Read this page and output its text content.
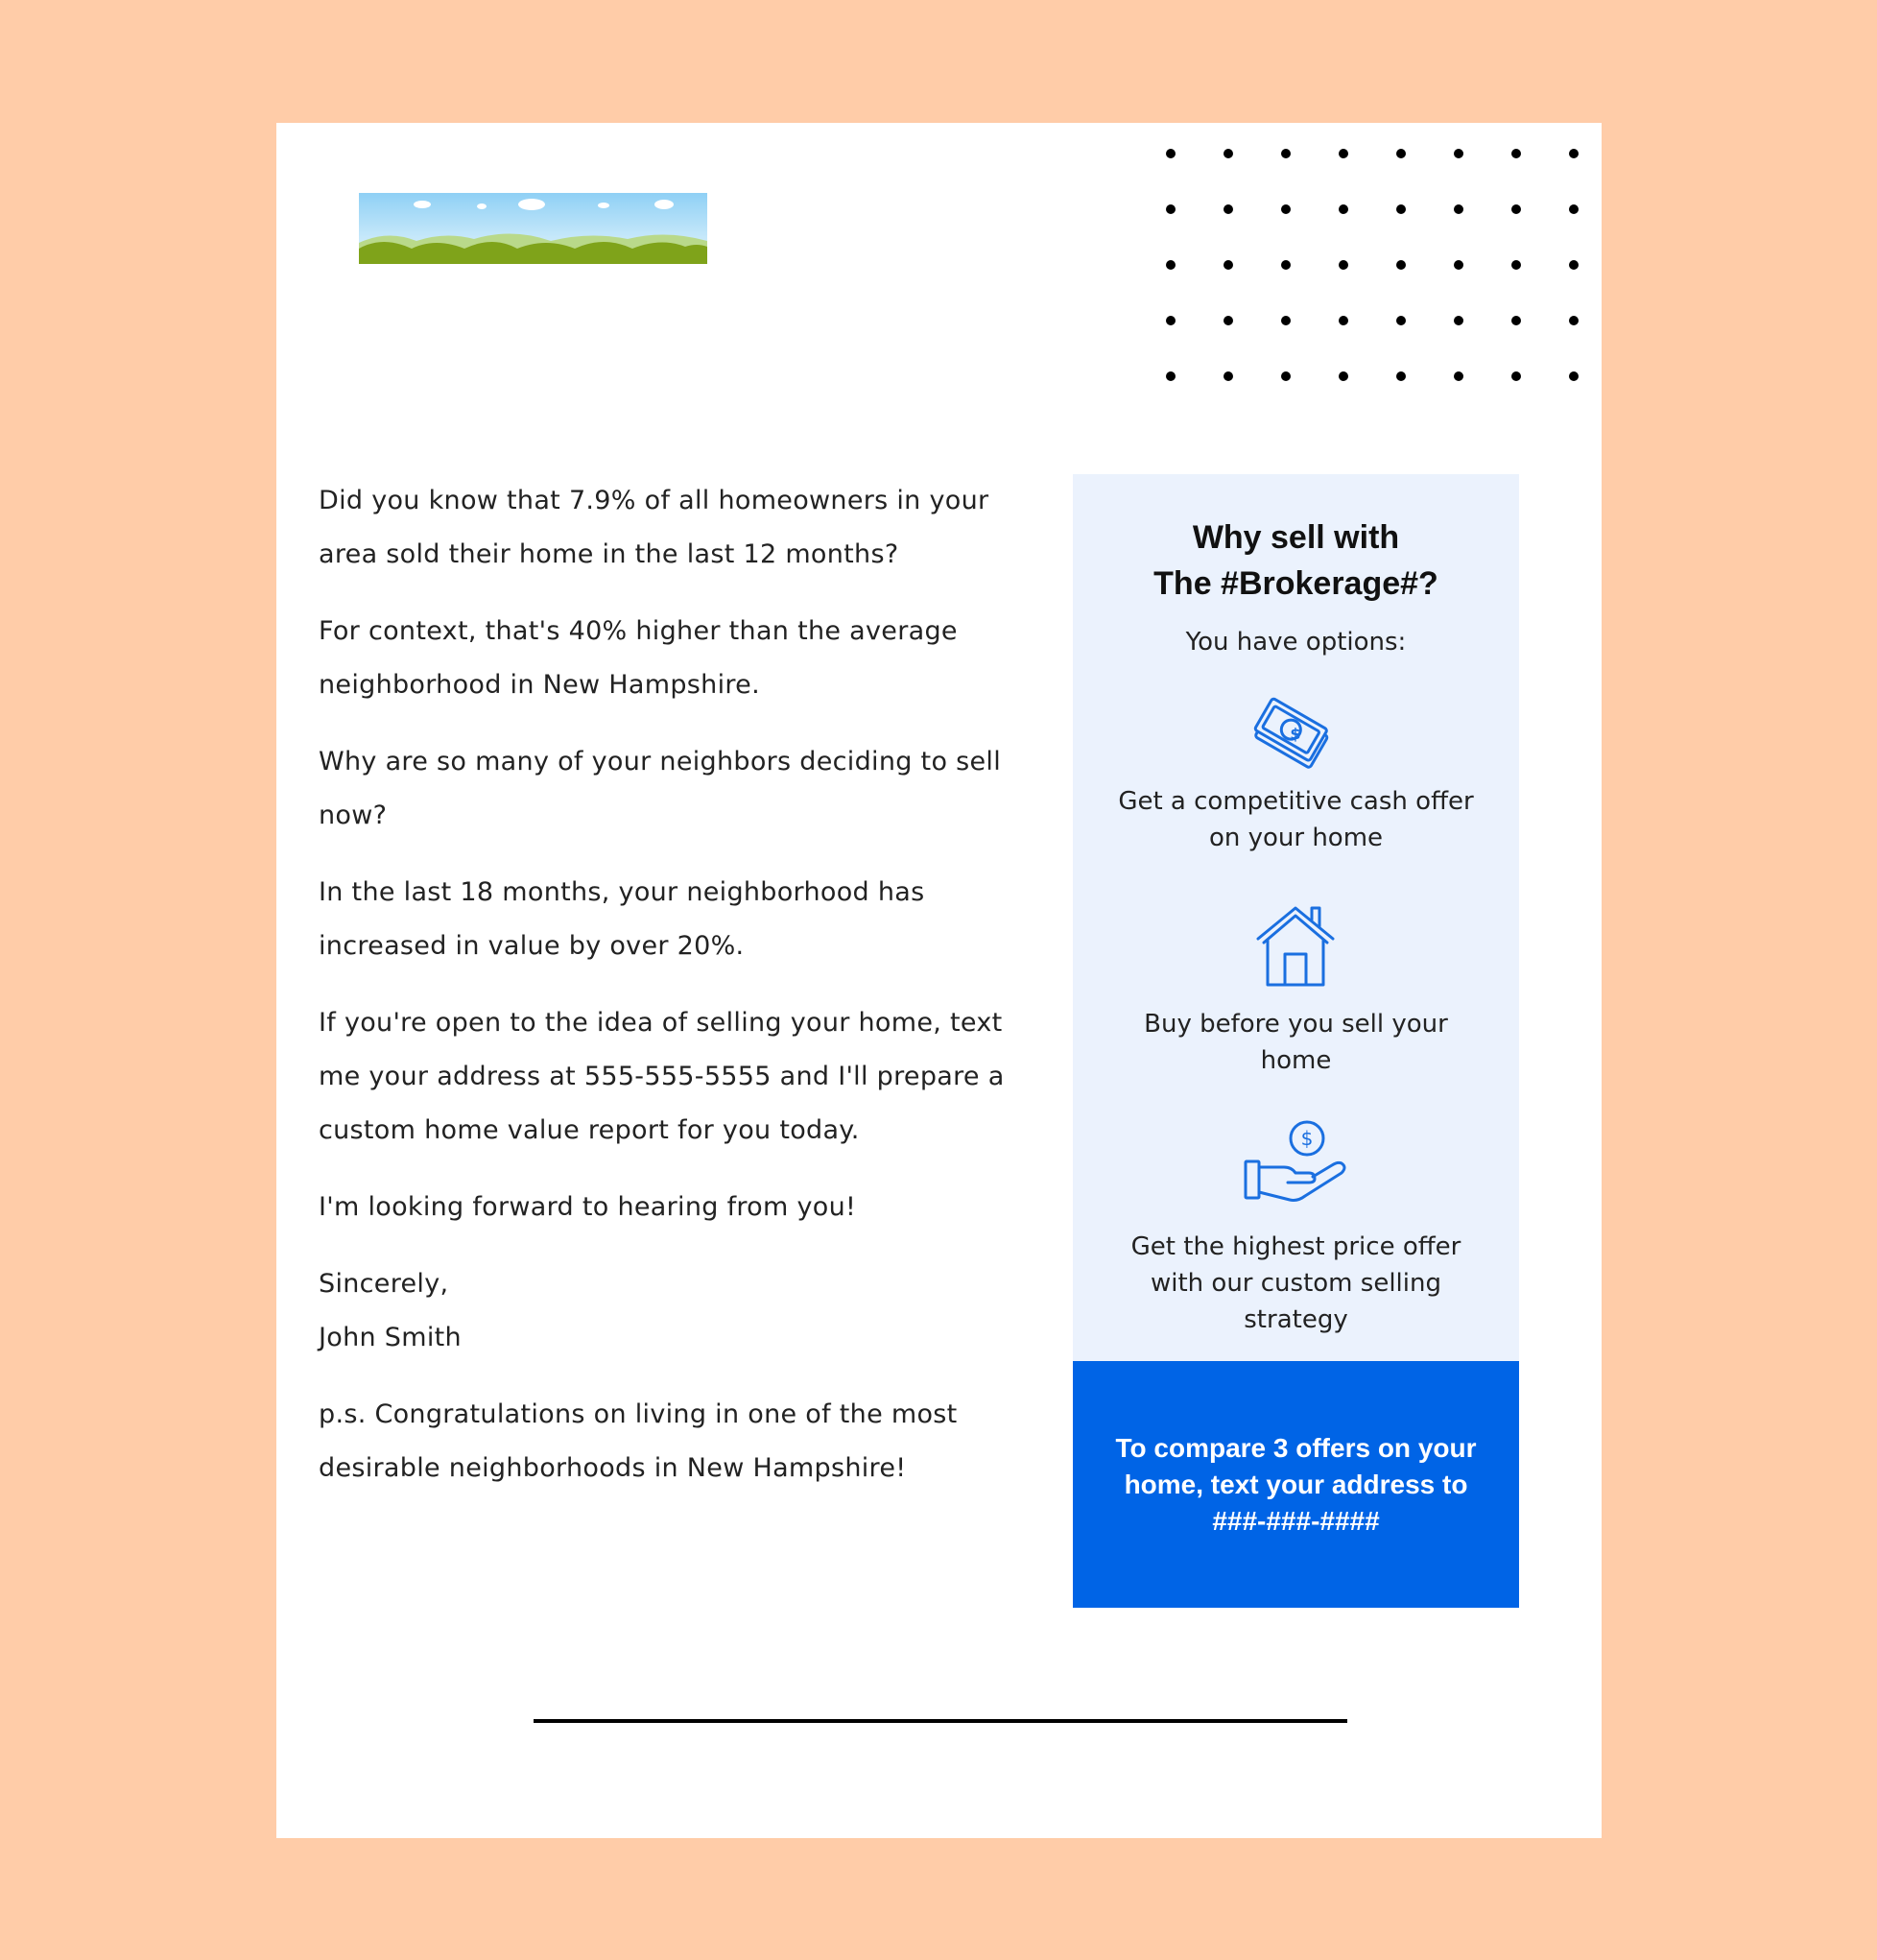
Did you know that 7.9% of all homeowners in your area sold their home in the last 12 months?

For context, that's 40% higher than the average neighborhood in New Hampshire.

Why are so many of your neighbors deciding to sell now?

In the last 18 months, your neighborhood has increased in value by over 20%.

If you're open to the idea of selling your home, text me your address at 555-555-5555 and I'll prepare a custom home value report for you today.

I'm looking forward to hearing from you!

Sincerely,

John Smith

p.s. Congratulations on living in one of the most desirable neighborhoods in New Hampshire!

Why sell with
The #Brokerage#?
You have options:
$
Get a competitive cash offer on your home
Buy before you sell your home
$
Get the highest price offer with our custom selling strategy
To compare 3 offers on your home, text your address to ###-###-####
